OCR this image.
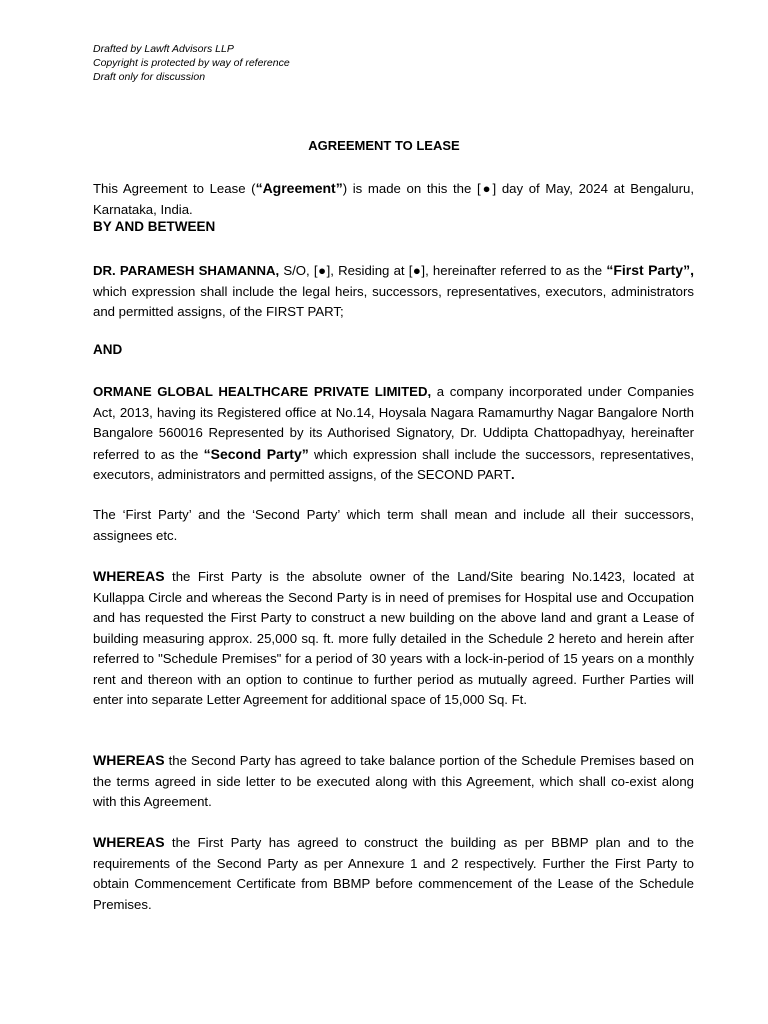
Drafted by Lawft Advisors LLP
Copyright is protected by way of reference
Draft only for discussion
AGREEMENT TO LEASE

This Agreement to Lease (“Agreement”) is made on this the [●] day of May, 2024 at Bengaluru, Karnataka, India.

BY AND BETWEEN

DR. PARAMESH SHAMANNA, S/O, [●], Residing at [●], hereinafter referred to as the “First Party”, which expression shall include the legal heirs, successors, representatives, executors, administrators and permitted assigns, of the FIRST PART;

AND

ORMANE GLOBAL HEALTHCARE PRIVATE LIMITED, a company incorporated under Companies Act, 2013, having its Registered office at No.14, Hoysala Nagara Ramamurthy Nagar Bangalore North Bangalore 560016 Represented by its Authorised Signatory, Dr. Uddipta Chattopadhyay, hereinafter referred to as the “Second Party” which expression shall include the successors, representatives, executors, administrators and permitted assigns, of the SECOND PART.

The ‘First Party’ and the ‘Second Party’ which term shall mean and include all their successors, assignees etc.

WHEREAS the First Party is the absolute owner of the Land/Site bearing No.1423, located at Kullappa Circle and whereas the Second Party is in need of premises for Hospital use and Occupation and has requested the First Party to construct a new building on the above land and grant a Lease of building measuring approx. 25,000 sq. ft. more fully detailed in the Schedule 2 hereto and herein after referred to "Schedule Premises" for a period of 30 years with a lock-in-period of 15 years on a monthly rent and thereon with an option to continue to further period as mutually agreed. Further Parties will enter into separate Letter Agreement for additional space of 15,000 Sq. Ft.

WHEREAS the Second Party has agreed to take balance portion of the Schedule Premises based on the terms agreed in side letter to be executed along with this Agreement, which shall co-exist along with this Agreement.

WHEREAS the First Party has agreed to construct the building as per BBMP plan and to the requirements of the Second Party as per Annexure 1 and 2 respectively. Further the First Party to obtain Commencement Certificate from BBMP before commencement of the Lease of the Schedule Premises.
